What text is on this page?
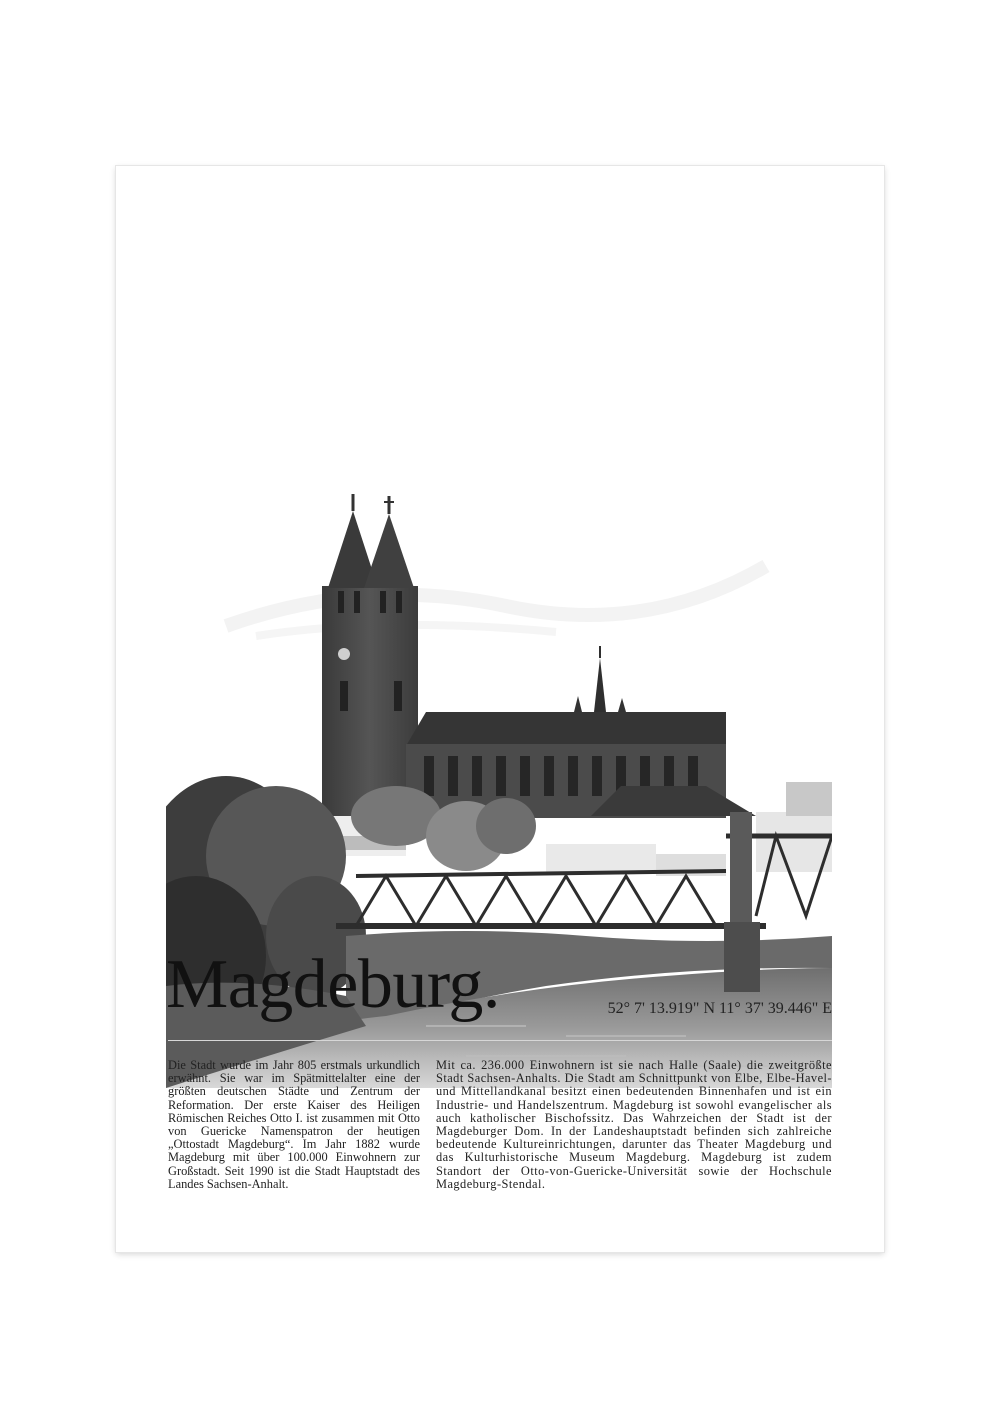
Magdeburg.	52° 7' 13.919" N 11° 37' 39.446" E

Die Stadt wurde im Jahr 805 erstmals urkundlich erwähnt. Sie war im Spätmittelalter eine der größten deutschen Städte und Zentrum der Reformation. Der erste Kaiser des Heiligen Römischen Reiches Otto I. ist zusammen mit Otto von Guericke Namenspatron der heutigen „Ottostadt Magdeburg“. Im Jahr 1882 wurde Magdeburg mit über 100.000 Einwohnern zur Großstadt. Seit 1990 ist die Stadt Hauptstadt des Landes Sachsen-Anhalt.

Mit ca. 236.000 Einwohnern ist sie nach Halle (Saale) die zweitgrößte Stadt Sachsen-Anhalts. Die Stadt am Schnittpunkt von Elbe, Elbe-Havel- und Mittellandkanal besitzt einen bedeutenden Binnenhafen und ist ein Industrie- und Handelszentrum. Magdeburg ist sowohl evangelischer als auch katholischer Bischofssitz. Das Wahrzeichen der Stadt ist der Magdeburger Dom. In der Landeshauptstadt befinden sich zahlreiche bedeutende Kultureinrichtungen, darunter das Theater Magdeburg und das Kulturhistorische Museum Magdeburg. Magdeburg ist zudem Standort der Otto-von-Guericke-Universität sowie der Hochschule Magdeburg-Stendal.
